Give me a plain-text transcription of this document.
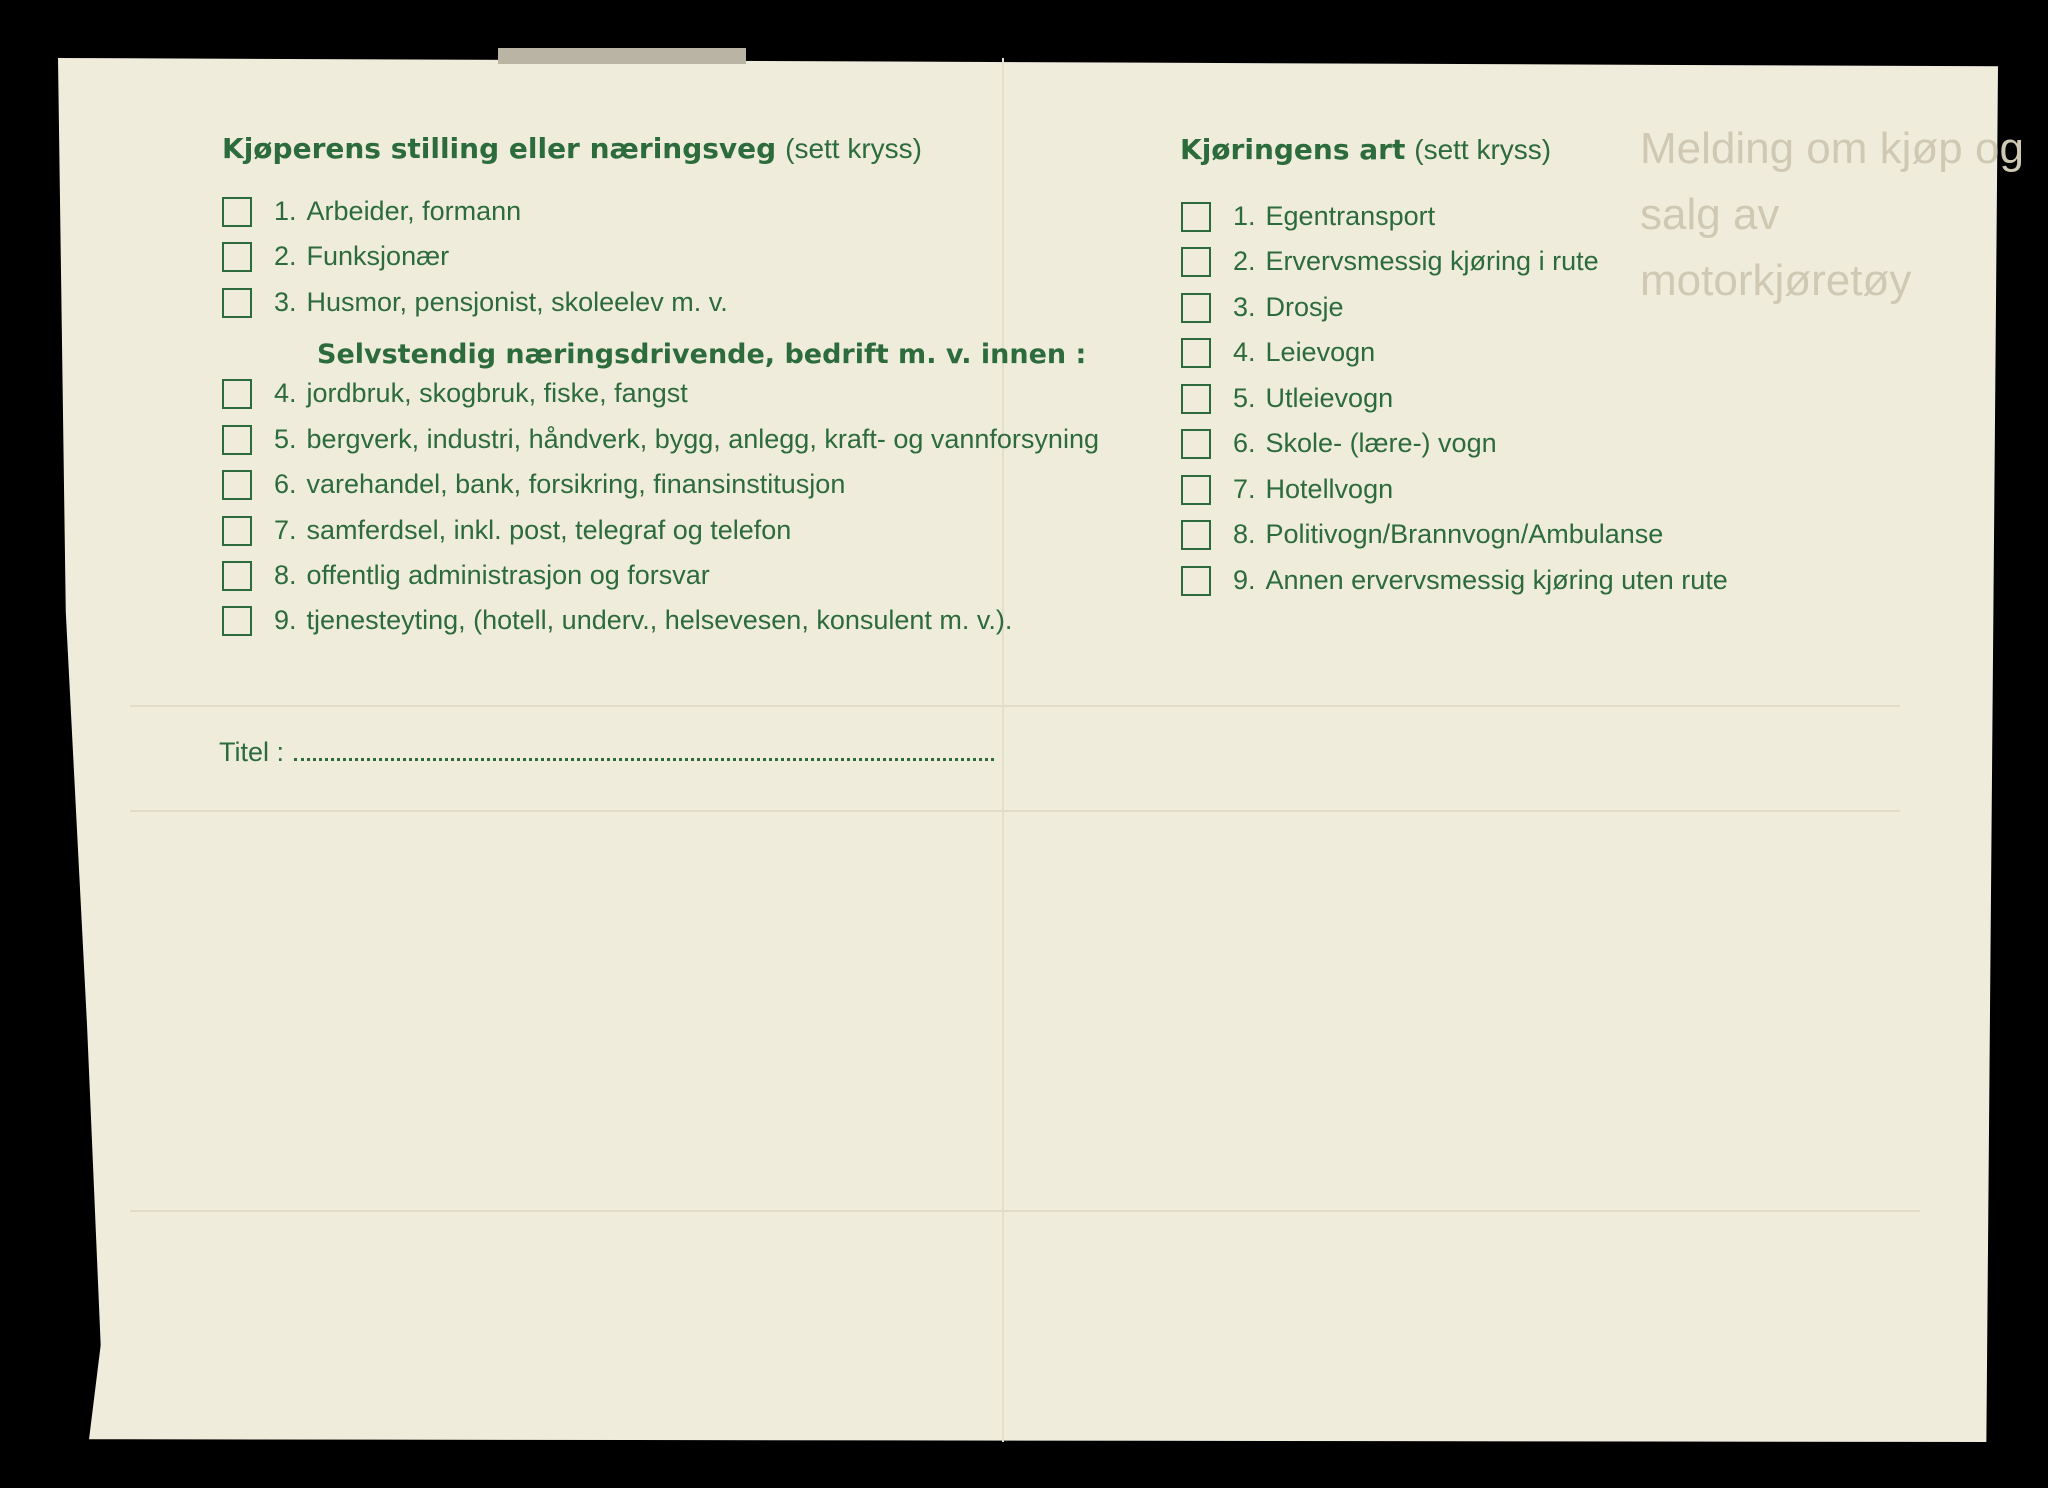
Melding om kjøp og salg av
motorkjøretøy
Kjøperens stilling eller næringsveg (sett kryss)
1. Arbeider, formann
2. Funksjonær
3. Husmor, pensjonist, skoleelev m. v.
Selvstendig næringsdrivende, bedrift m. v. innen :
4. jordbruk, skogbruk, fiske, fangst
5. bergverk, industri, håndverk, bygg, anlegg, kraft- og vannforsyning
6. varehandel, bank, forsikring, finansinstitusjon
7. samferdsel, inkl. post, telegraf og telefon
8. offentlig administrasjon og forsvar
9. tjenesteyting, (hotell, underv., helsevesen, konsulent m. v.).
Titel :
Kjøringens art (sett kryss)
1. Egentransport
2. Ervervsmessig kjøring i rute
3. Drosje
4. Leievogn
5. Utleievogn
6. Skole- (lære-) vogn
7. Hotellvogn
8. Politivogn/Brannvogn/Ambulanse
9. Annen ervervsmessig kjøring uten rute
